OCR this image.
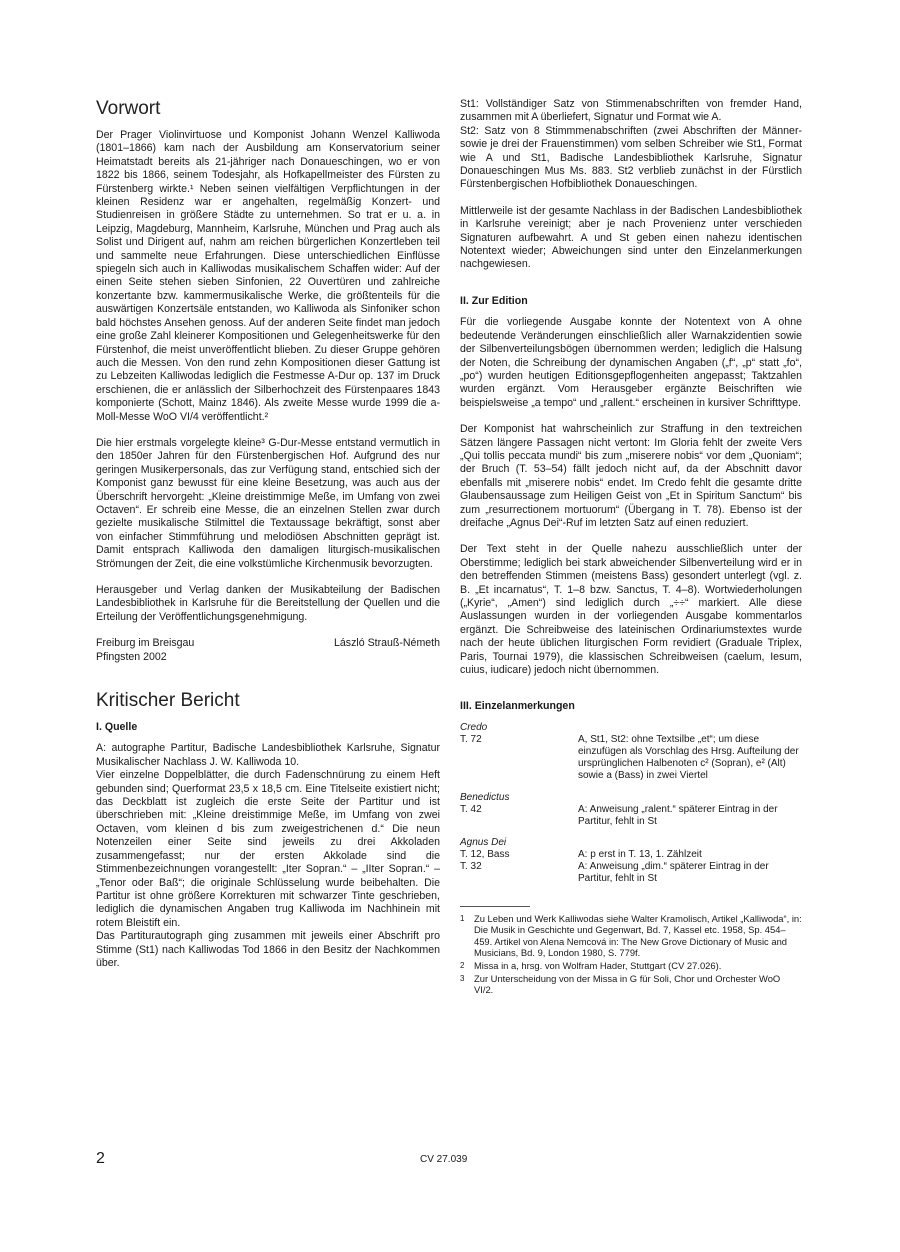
Vorwort

Der Prager Violinvirtuose und Komponist Johann Wenzel Kalliwoda (1801–1866) kam nach der Ausbildung am Konservatorium seiner Heimatstadt bereits als 21-jähriger nach Donaueschingen, wo er von 1822 bis 1866, seinem Todesjahr, als Hofkapellmeister des Fürsten zu Fürstenberg wirkte.¹ Neben seinen vielfältigen Verpflichtungen in der kleinen Residenz war er angehalten, regelmäßig Konzert- und Studienreisen in größere Städte zu unternehmen. So trat er u. a. in Leipzig, Magdeburg, Mannheim, Karlsruhe, München und Prag auch als Solist und Dirigent auf, nahm am reichen bürgerlichen Konzertleben teil und sammelte neue Erfahrungen. Diese unterschiedlichen Einflüsse spiegeln sich auch in Kalliwodas musikalischem Schaffen wider: Auf der einen Seite stehen sieben Sinfonien, 22 Ouvertüren und zahlreiche konzertante bzw. kammermusikalische Werke, die größtenteils für die auswärtigen Konzertsäle entstanden, wo Kalliwoda als Sinfoniker schon bald höchstes Ansehen genoss. Auf der anderen Seite findet man jedoch eine große Zahl kleinerer Kompositionen und Gelegenheitswerke für den Fürstenhof, die meist unveröffentlicht blieben. Zu dieser Gruppe gehören auch die Messen. Von den rund zehn Kompositionen dieser Gattung ist zu Lebzeiten Kalliwodas lediglich die Festmesse A-Dur op. 137 im Druck erschienen, die er anlässlich der Silberhochzeit des Fürstenpaares 1843 komponierte (Schott, Mainz 1846). Als zweite Messe wurde 1999 die a-Moll-Messe WoO VI/4 veröffentlicht.²

Die hier erstmals vorgelegte kleine³ G-Dur-Messe entstand vermutlich in den 1850er Jahren für den Fürstenbergischen Hof. Aufgrund des nur geringen Musikerpersonals, das zur Verfügung stand, entschied sich der Komponist ganz bewusst für eine kleine Besetzung, was auch aus der Überschrift hervorgeht: „Kleine dreistimmige Meße, im Umfang von zwei Octaven“. Er schreib eine Messe, die an einzelnen Stellen zwar durch gezielte musikalische Stilmittel die Textaussage bekräftigt, sonst aber von einfacher Stimmführung und melodiösen Abschnitten geprägt ist. Damit entsprach Kalliwoda den damaligen liturgisch-musikalischen Strömungen der Zeit, die eine volkstümliche Kirchenmusik bevorzugten.

Herausgeber und Verlag danken der Musikabteilung der Badischen Landesbibliothek in Karlsruhe für die Bereitstellung der Quellen und die Erteilung der Veröffentlichungsgenehmigung.

Freiburg im Breisgau	László Strauß-Németh

Pfingsten 2002

Kritischer Bericht
I. Quelle

A: autographe Partitur, Badische Landesbibliothek Karlsruhe, Signatur Musikalischer Nachlass J. W. Kalliwoda 10.

Vier einzelne Doppelblätter, die durch Fadenschnürung zu einem Heft gebunden sind; Querformat 23,5 x 18,5 cm. Eine Titelseite existiert nicht; das Deckblatt ist zugleich die erste Seite der Partitur und ist überschrieben mit: „Kleine dreistimmige Meße, im Umfang von zwei Octaven, vom kleinen d bis zum zweigestrichenen d.“ Die neun Notenzeilen einer Seite sind jeweils zu drei Akkoladen zusammengefasst; nur der ersten Akkolade sind die Stimmenbezeichnungen vorangestellt: „Iter Sopran.“ – „IIter Sopran.“ – „Tenor oder Baß“; die originale Schlüsselung wurde beibehalten. Die Partitur ist ohne größere Korrekturen mit schwarzer Tinte geschrieben, lediglich die dynamischen Angaben trug Kalliwoda im Nachhinein mit rotem Bleistift ein.

Das Partiturautograph ging zusammen mit jeweils einer Abschrift pro Stimme (St1) nach Kalliwodas Tod 1866 in den Besitz der Nachkommen über.

St1: Vollständiger Satz von Stimmenabschriften von fremder Hand, zusammen mit A überliefert, Signatur und Format wie A.

St2: Satz von 8 Stimmmenabschriften (zwei Abschriften der Männer- sowie je drei der Frauenstimmen) vom selben Schreiber wie St1, Format wie A und St1, Badische Landesbibliothek Karlsruhe, Signatur Donaueschingen Mus Ms. 883. St2 verblieb zunächst in der Fürstlich Fürstenbergischen Hofbibliothek Donaueschingen.

Mittlerweile ist der gesamte Nachlass in der Badischen Landesbibliothek in Karlsruhe vereinigt; aber je nach Provenienz unter verschieden Signaturen aufbewahrt. A und St geben einen nahezu identischen Notentext wieder; Abweichungen sind unter den Einzelanmerkungen nachgewiesen.

II. Zur Edition

Für die vorliegende Ausgabe konnte der Notentext von A ohne bedeutende Veränderungen einschließlich aller Warnakzidentien sowie der Silbenverteilungsbögen übernommen werden; lediglich die Halsung der Noten, die Schreibung der dynamischen Angaben („f“, „p“ statt „fo“, „po“) wurden heutigen Editionsgepflogenheiten angepasst; Taktzahlen wurden ergänzt. Vom Herausgeber ergänzte Beischriften wie beispielsweise „a tempo“ und „rallent.“ erscheinen in kursiver Schrifttype.

Der Komponist hat wahrscheinlich zur Straffung in den textreichen Sätzen längere Passagen nicht vertont: Im Gloria fehlt der zweite Vers „Qui tollis peccata mundi“ bis zum „miserere nobis“ vor dem „Quoniam“; der Bruch (T. 53–54) fällt jedoch nicht auf, da der Abschnitt davor ebenfalls mit „miserere nobis“ endet. Im Credo fehlt die gesamte dritte Glaubensaussage zum Heiligen Geist von „Et in Spiritum Sanctum“ bis zum „resurrectionem mortuorum“ (Übergang in T. 78). Ebenso ist der dreifache „Agnus Dei“-Ruf im letzten Satz auf einen reduziert.

Der Text steht in der Quelle nahezu ausschließlich unter der Oberstimme; lediglich bei stark abweichender Silbenverteilung wird er in den betreffenden Stimmen (meistens Bass) gesondert unterlegt (vgl. z. B. „Et incarnatus“, T. 1–8 bzw. Sanctus, T. 4–8). Wortwiederholungen („Kyrie“, „Amen“) sind lediglich durch „÷÷“ markiert. Alle diese Auslassungen wurden in der vorliegenden Ausgabe kommentarlos ergänzt. Die Schreibweise des lateinischen Ordinariumstextes wurde nach der heute üblichen liturgischen Form revidiert (Graduale Triplex, Paris, Tournai 1979), die klassischen Schreibweisen (caelum, Iesum, cuius, iudicare) jedoch nicht übernommen.

III. Einzelanmerkungen
Credo
T. 72	A, St1, St2: ohne Textsilbe „et“; um diese einzufügen als Vorschlag des Hrsg. Aufteilung der ursprünglichen Halbenoten c² (Sopran), e² (Alt) sowie a (Bass) in zwei Viertel
Benedictus
T. 42	A: Anweisung „ralent.“ späterer Eintrag in der Partitur, fehlt in St
Agnus Dei
T. 12, Bass	A: p erst in T. 13, 1. Zählzeit
T. 32	A: Anweisung „dim.“ späterer Eintrag in der Partitur, fehlt in St
1	Zu Leben und Werk Kalliwodas siehe Walter Kramolisch, Artikel „Kalliwoda“, in: Die Musik in Geschichte und Gegenwart, Bd. 7, Kassel etc. 1958, Sp. 454–459. Artikel von Alena Nemcová in: The New Grove Dictionary of Music and Musicians, Bd. 9, London 1980, S. 779f.
2	Missa in a, hrsg. von Wolfram Hader, Stuttgart (CV 27.026).
3	Zur Unterscheidung von der Missa in G für Soli, Chor und Orchester WoO VI/2.
2	CV 27.039
